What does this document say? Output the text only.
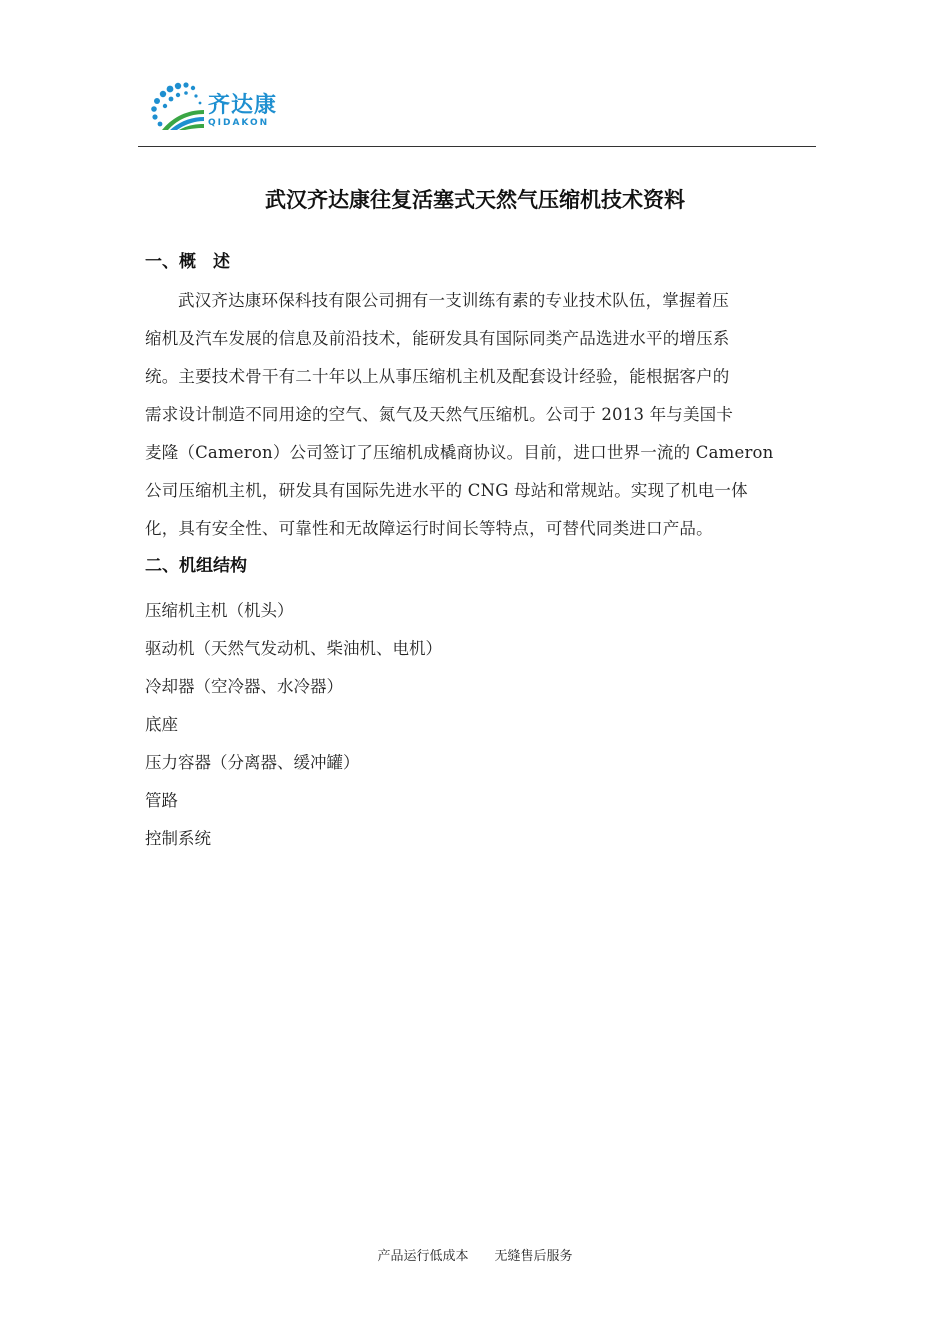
齐达康
QIDAKON
武汉齐达康往复活塞式天然气压缩机技术资料
一、概　述

武汉齐达康环保科技有限公司拥有一支训练有素的专业技术队伍，掌握着压
缩机及汽车发展的信息及前沿技术，能研发具有国际同类产品选进水平的增压系
统。主要技术骨干有二十年以上从事压缩机主机及配套设计经验，能根据客户的
需求设计制造不同用途的空气、氮气及天然气压缩机。公司于 2013 年与美国卡
麦隆（Cameron）公司签订了压缩机成橇商协议。目前，进口世界一流的 Cameron
公司压缩机主机，研发具有国际先进水平的 CNG 母站和常规站。实现了机电一体
化，具有安全性、可靠性和无故障运行时间长等特点，可替代同类进口产品。

二、机组结构
压缩机主机（机头）
驱动机（天然气发动机、柴油机、电机）
冷却器（空冷器、水冷器）
底座
压力容器（分离器、缓冲罐）
管路
控制系统
产品运行低成本　　无缝售后服务
